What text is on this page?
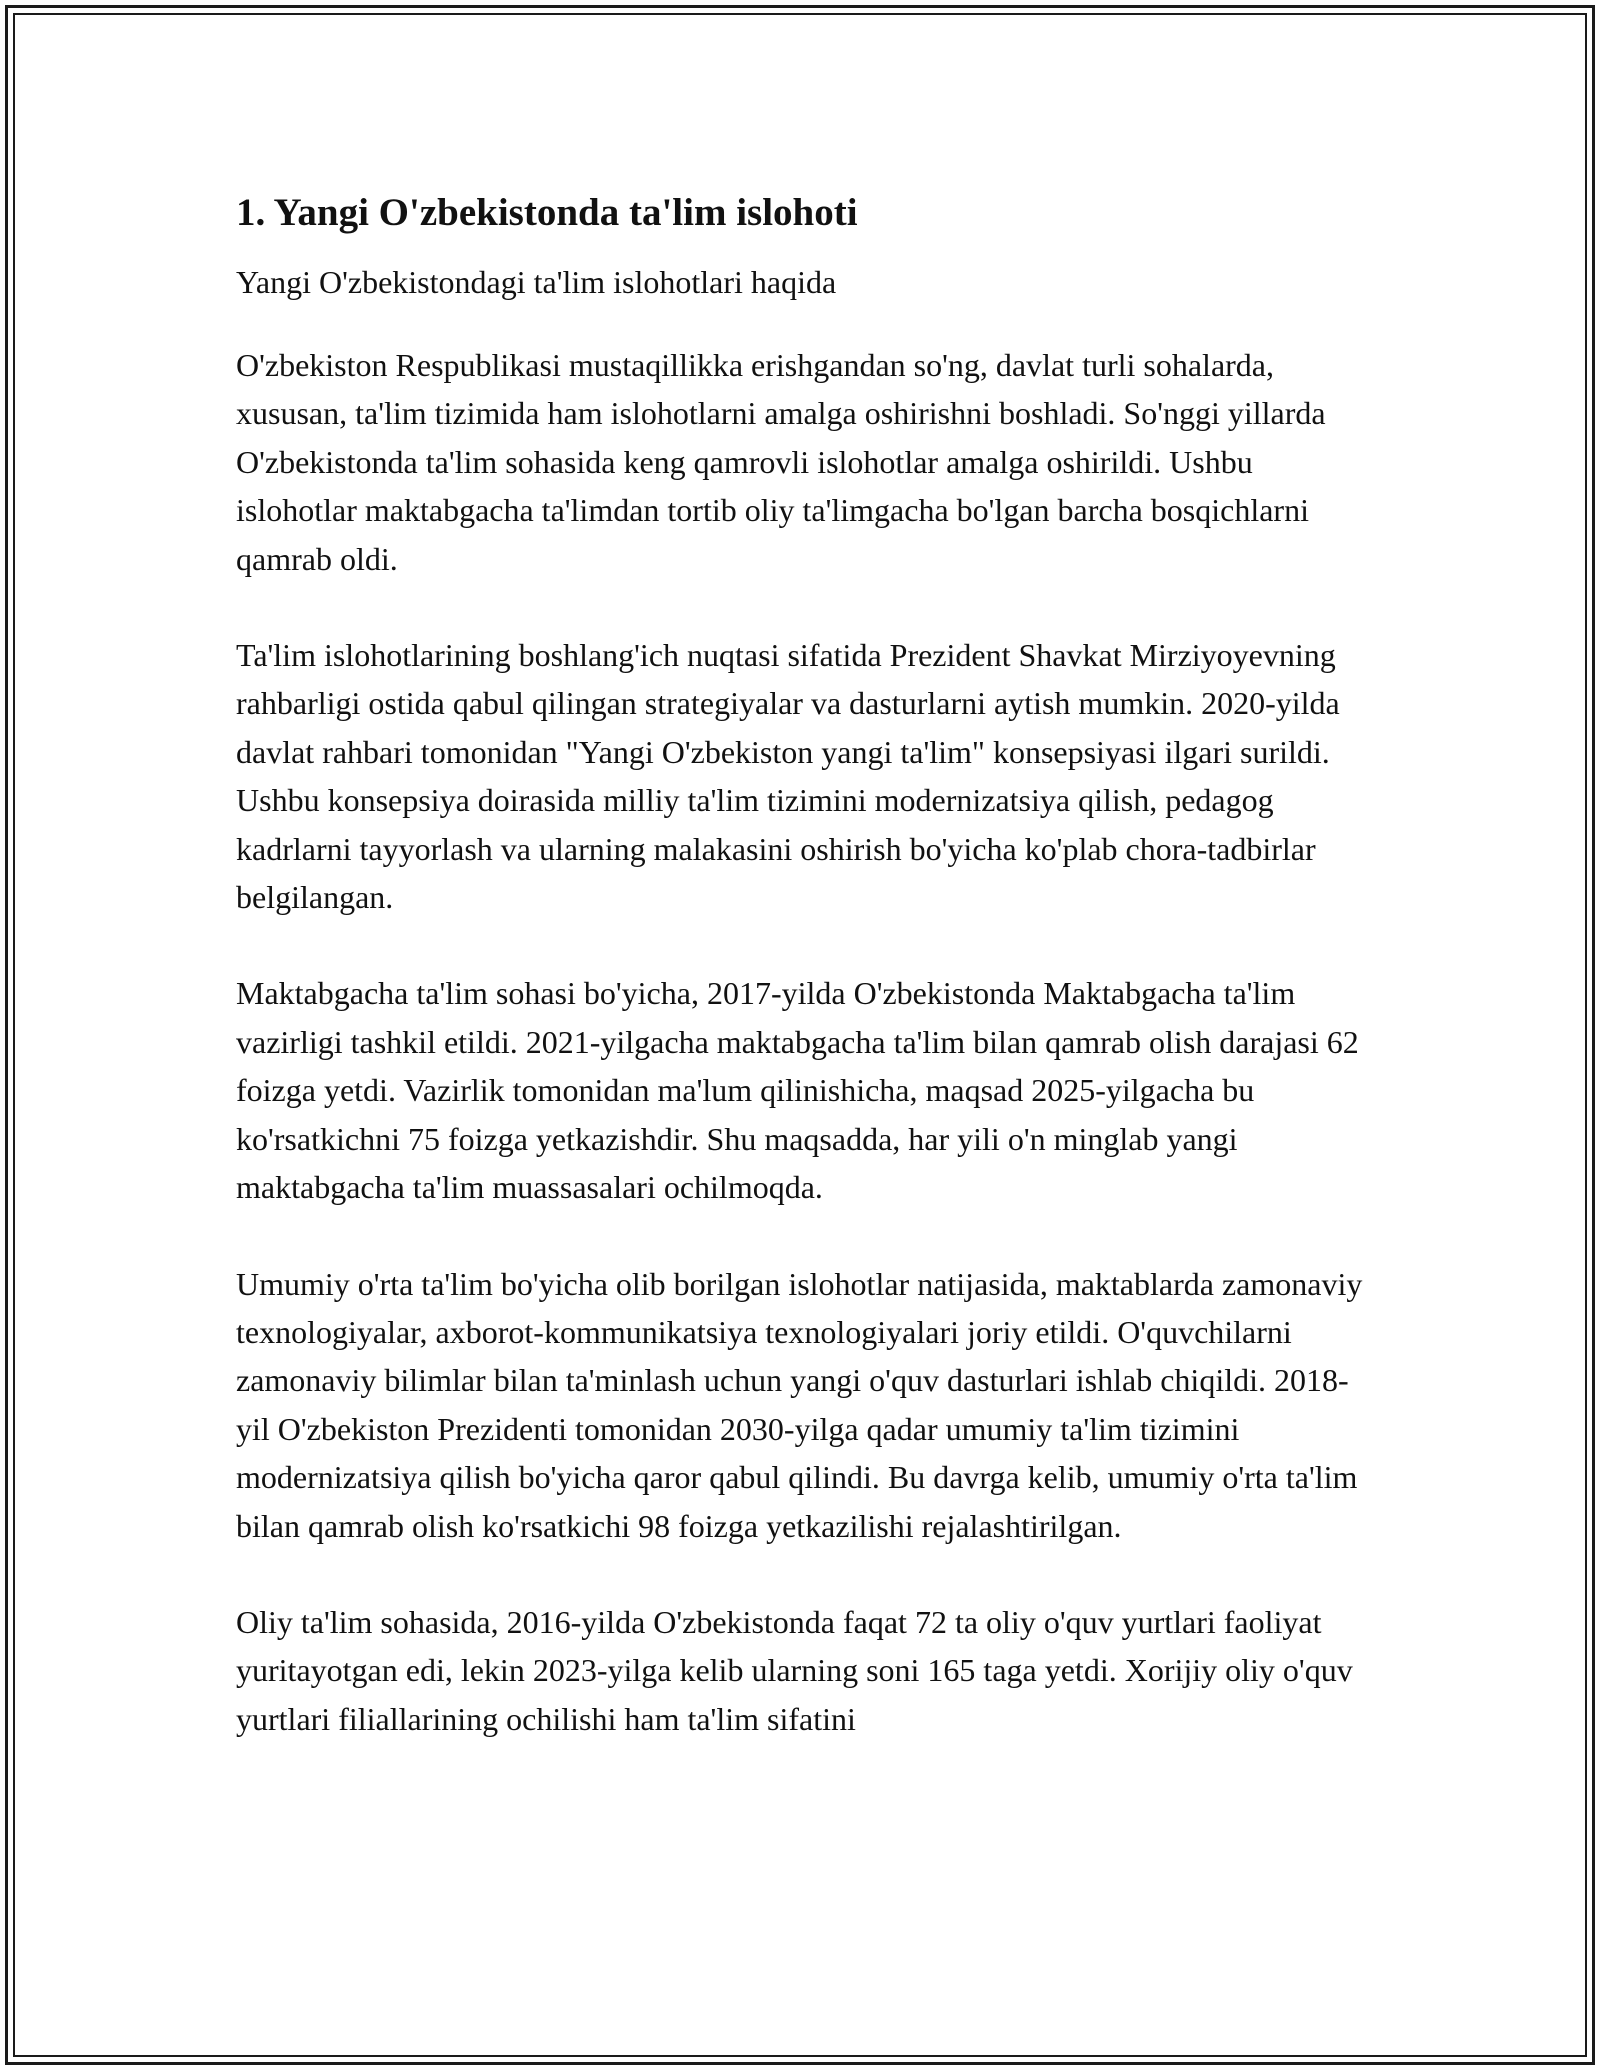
1. Yangi O'zbekistonda ta'lim islohoti

Yangi O'zbekistondagi ta'lim islohotlari haqida

O'zbekiston Respublikasi mustaqillikka erishgandan so'ng, davlat turli sohalarda, xususan, ta'lim tizimida ham islohotlarni amalga oshirishni boshladi. So'nggi yillarda O'zbekistonda ta'lim sohasida keng qamrovli islohotlar amalga oshirildi. Ushbu islohotlar maktabgacha ta'limdan tortib oliy ta'limgacha bo'lgan barcha bosqichlarni qamrab oldi.

Ta'lim islohotlarining boshlang'ich nuqtasi sifatida Prezident Shavkat Mirziyoyevning rahbarligi ostida qabul qilingan strategiyalar va dasturlarni aytish mumkin. 2020-yilda davlat rahbari tomonidan "Yangi O'zbekiston yangi ta'lim" konsepsiyasi ilgari surildi. Ushbu konsepsiya doirasida milliy ta'lim tizimini modernizatsiya qilish, pedagog kadrlarni tayyorlash va ularning malakasini oshirish bo'yicha ko'plab chora-tadbirlar belgilangan.

Maktabgacha ta'lim sohasi bo'yicha, 2017-yilda O'zbekistonda Maktabgacha ta'lim vazirligi tashkil etildi. 2021-yilgacha maktabgacha ta'lim bilan qamrab olish darajasi 62 foizga yetdi. Vazirlik tomonidan ma'lum qilinishicha, maqsad 2025-yilgacha bu ko'rsatkichni 75 foizga yetkazishdir. Shu maqsadda, har yili o'n minglab yangi maktabgacha ta'lim muassasalari ochilmoqda.

Umumiy o'rta ta'lim bo'yicha olib borilgan islohotlar natijasida, maktablarda zamonaviy texnologiyalar, axborot-kommunikatsiya texnologiyalari joriy etildi. O'quvchilarni zamonaviy bilimlar bilan ta'minlash uchun yangi o'quv dasturlari ishlab chiqildi. 2018-yil O'zbekiston Prezidenti tomonidan 2030-yilga qadar umumiy ta'lim tizimini modernizatsiya qilish bo'yicha qaror qabul qilindi. Bu davrga kelib, umumiy o'rta ta'lim bilan qamrab olish ko'rsatkichi 98 foizga yetkazilishi rejalashtirilgan.

Oliy ta'lim sohasida, 2016-yilda O'zbekistonda faqat 72 ta oliy o'quv yurtlari faoliyat yuritayotgan edi, lekin 2023-yilga kelib ularning soni 165 taga yetdi. Xorijiy oliy o'quv yurtlari filiallarining ochilishi ham ta'lim sifatini
